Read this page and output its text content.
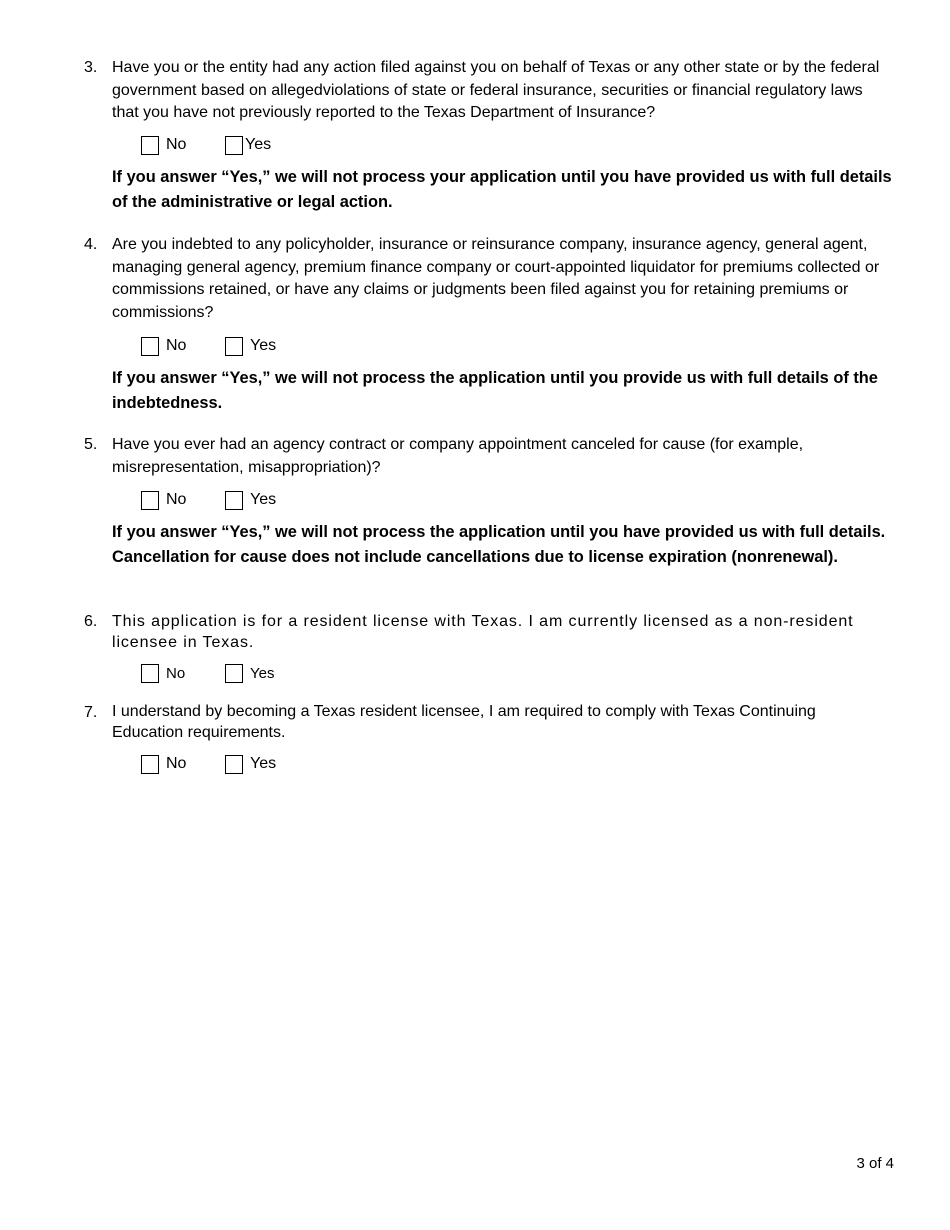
3. Have you or the entity had any action filed against you on behalf of Texas or any other state or by the federal government based on allegedviolations of state or federal insurance, securities or financial regulatory laws that you have not previously reported to the Texas Department of Insurance?
No	Yes
If you answer “Yes,” we will not process your application until you have provided us with full details of the administrative or legal action.
4. Are you indebted to any policyholder, insurance or reinsurance company, insurance agency, general agent, managing general agency, premium finance company or court-appointed liquidator for premiums collected or commissions retained, or have any claims or judgments been filed against you for retaining premiums or commissions?
No	Yes
If you answer “Yes,” we will not process the application until you provide us with full details of the indebtedness.
5. Have you ever had an agency contract or company appointment canceled for cause (for example, misrepresentation, misappropriation)?
No	Yes
If you answer “Yes,” we will not process the application until you have provided us with full details. Cancellation for cause does not include cancellations due to license expiration (nonrenewal).
6. This application is for a resident license with Texas. I am currently licensed as a non-resident licensee in Texas.
No	Yes
7. I understand by becoming a Texas resident licensee, I am required to comply with Texas Continuing Education requirements.
No	Yes
3 of 4
